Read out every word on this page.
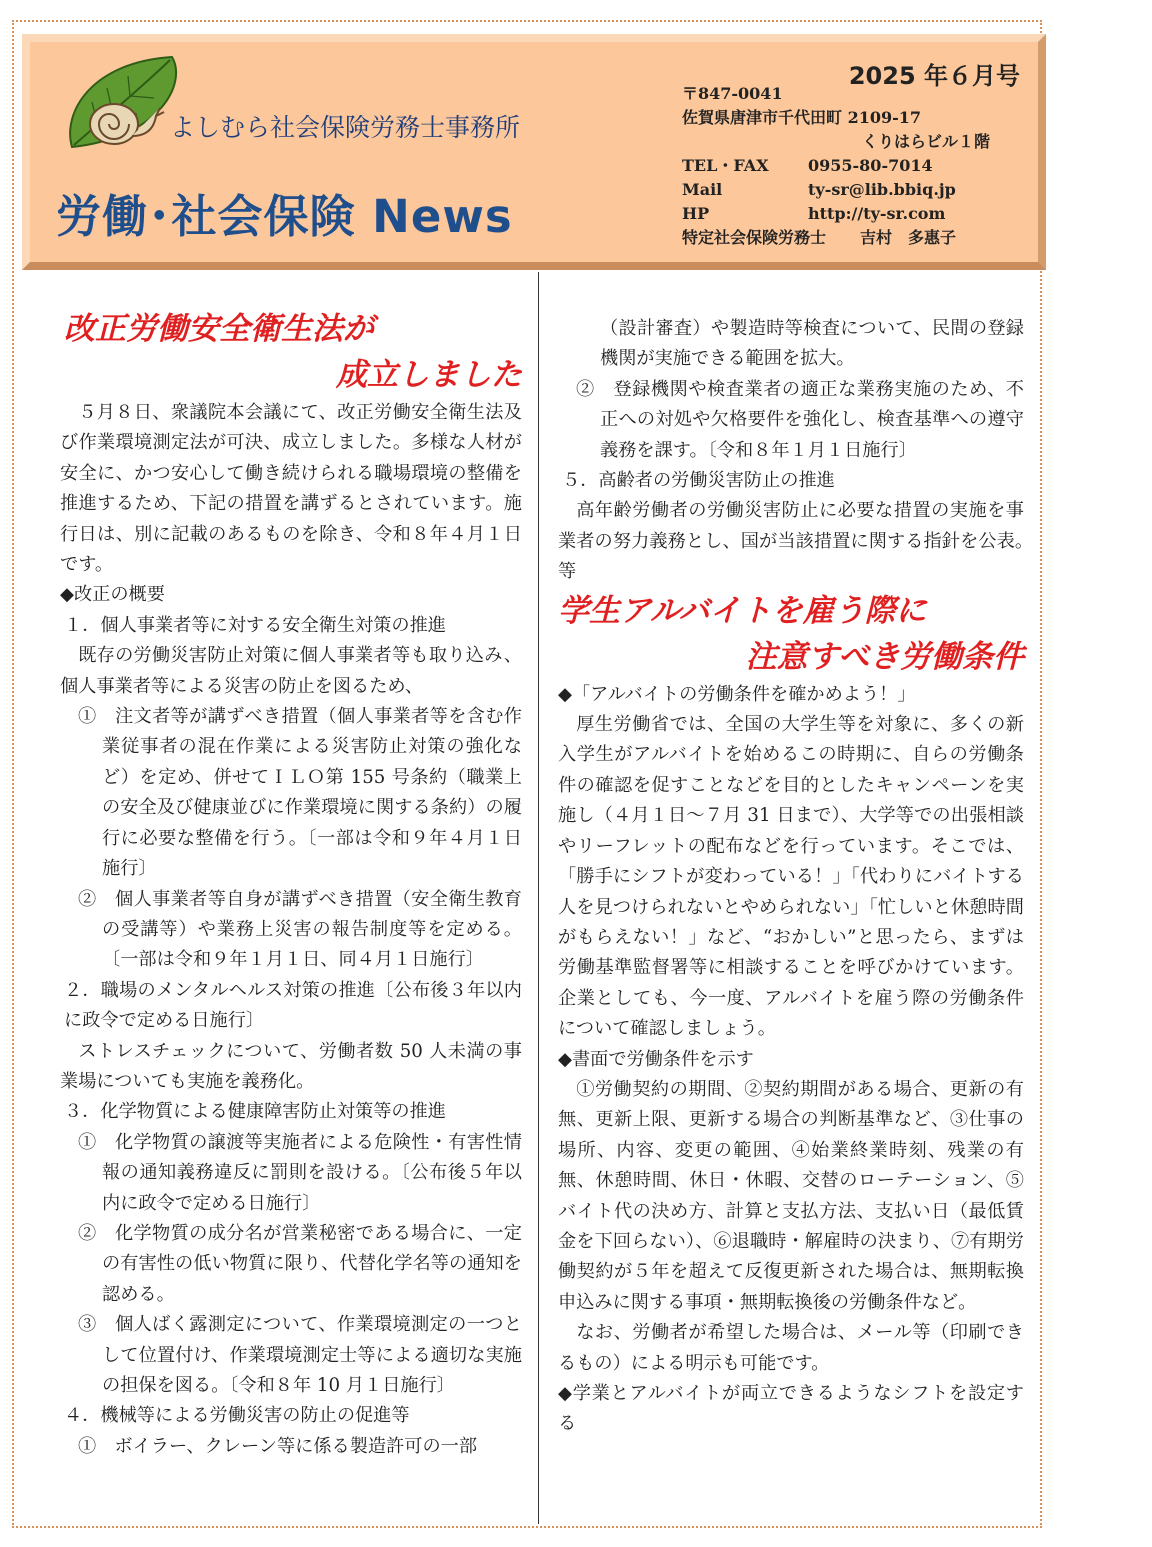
よしむら社会保険労務士事務所
労働･社会保険 News
2025 年６月号
〒847-0041
佐賀県唐津市千代田町 2109-17
くりはらビル１階
TEL・FAX 0955-80-7014
Mail	ty-sr@lib.bbiq.jp
HP	http://ty-sr.com
特定社会保険労務士 吉村　多惠子

改正労働安全衛生法が

成立しました

５月８日、衆議院本会議にて、改正労働安全衛生法及び作業環境測定法が可決、成立しました。多様な人材が安全に、かつ安心して働き続けられる職場環境の整備を推進するため、下記の措置を講ずるとされています。施行日は、別に記載のあるものを除き、令和８年４月１日です。

◆改正の概要

１．個人事業者等に対する安全衛生対策の推進

既存の労働災害防止対策に個人事業者等も取り込み、個人事業者等による災害の防止を図るため、

①　注文者等が講ずべき措置（個人事業者等を含む作業従事者の混在作業による災害防止対策の強化など）を定め、併せてＩＬＯ第 155 号条約（職業上の安全及び健康並びに作業環境に関する条約）の履行に必要な整備を行う。〔一部は令和９年４月１日施行〕

②　個人事業者等自身が講ずべき措置（安全衛生教育の受講等）や業務上災害の報告制度等を定める。〔一部は令和９年１月１日、同４月１日施行〕

２．職場のメンタルヘルス対策の推進〔公布後３年以内に政令で定める日施行〕

ストレスチェックについて、労働者数 50 人未満の事業場についても実施を義務化。

３．化学物質による健康障害防止対策等の推進

①　化学物質の譲渡等実施者による危険性・有害性情報の通知義務違反に罰則を設ける。〔公布後５年以内に政令で定める日施行〕

②　化学物質の成分名が営業秘密である場合に、一定の有害性の低い物質に限り、代替化学名等の通知を認める。

③　個人ばく露測定について、作業環境測定の一つとして位置付け、作業環境測定士等による適切な実施の担保を図る。〔令和８年 10 月１日施行〕

４．機械等による労働災害の防止の促進等

①　ボイラー、クレーン等に係る製造許可の一部

（設計審査）や製造時等検査について、民間の登録機関が実施できる範囲を拡大。

②　登録機関や検査業者の適正な業務実施のため、不正への対処や欠格要件を強化し、検査基準への遵守義務を課す。〔令和８年１月１日施行〕

５．高齢者の労働災害防止の推進

高年齢労働者の労働災害防止に必要な措置の実施を事業者の努力義務とし、国が当該措置に関する指針を公表。　等

学生アルバイトを雇う際に

注意すべき労働条件

◆「アルバイトの労働条件を確かめよう！」

厚生労働省では、全国の大学生等を対象に、多くの新入学生がアルバイトを始めるこの時期に、自らの労働条件の確認を促すことなどを目的としたキャンペーンを実施し（４月１日～７月 31 日まで）、大学等での出張相談やリーフレットの配布などを行っています。そこでは、「勝手にシフトが変わっている！」「代わりにバイトする人を見つけられないとやめられない」「忙しいと休憩時間がもらえない！」など、“おかしい”と思ったら、まずは労働基準監督署等に相談することを呼びかけています。企業としても、今一度、アルバイトを雇う際の労働条件について確認しましょう。

◆書面で労働条件を示す

①労働契約の期間、②契約期間がある場合、更新の有無、更新上限、更新する場合の判断基準など、③仕事の場所、内容、変更の範囲、④始業終業時刻、残業の有無、休憩時間、休日・休暇、交替のローテーション、⑤バイト代の決め方、計算と支払方法、支払い日（最低賃金を下回らない）、⑥退職時・解雇時の決まり、⑦有期労働契約が５年を超えて反復更新された場合は、無期転換申込みに関する事項・無期転換後の労働条件など。

なお、労働者が希望した場合は、メール等（印刷できるもの）による明示も可能です。

◆学業とアルバイトが両立できるようなシフトを設定する
